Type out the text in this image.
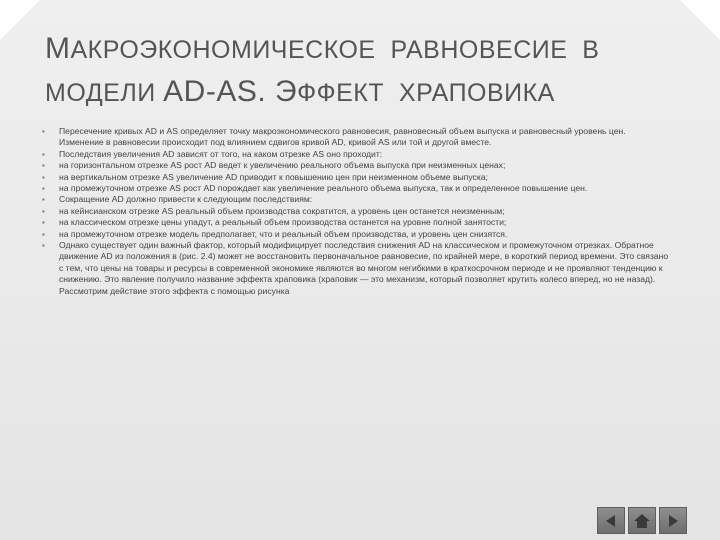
МАКРОЭКОНОМИЧЕСКОЕ  РАВНОВЕСИЕ  В
МОДЕЛИ AD-AS. ЭФФЕКТ  ХРАПОВИКА
▪ Пересечение кривых AD и AS определяет точку макроэкономического равновесия, равновесный объем выпуска и равновесный уровень цен. Изменение в равновесии происходит под влиянием сдвигов кривой AD, кривой AS или той и другой вместе.
▪ Последствия увеличения AD зависят от того, на каком отрезке AS оно проходит:
▪ на горизонтальном отрезке AS рост AD ведет к увеличению реального объема выпуска при неизменных ценах;
▪ на вертикальном отрезке AS увеличение AD приводит к повышению цен при неизменном объеме выпуска;
▪ на промежуточном отрезке AS рост AD порождает как увеличение реального объема выпуска, так и определенное повышение цен.
▪ Сокращение AD должно привести к следующим последствиям:
▪ на кейнсианском отрезке AS реальный объем производства сократится, а уровень цен останется неизменным;
▪ на классическом отрезке цены упадут, а реальный объем производства останется на уровне полной занятости;
▪ на промежуточном отрезке модель предполагает, что и реальный объем производства, и уровень цен снизятся.
▪ Однако существует один важный фактор, который модифицирует последствия снижения AD на классическом и промежуточном отрезках. Обратное движение AD из положения в (рис. 2.4) может не восстановить первоначальное равновесие, по крайней мере, в короткий период времени. Это связано с тем, что цены на товары и ресурсы в современной экономике являются во многом негибкими в краткосрочном периоде и не проявляют тенденцию к снижению. Это явление получило название эффекта храповика (храповик — это механизм, который позволяет крутить колесо вперед, но не назад). Рассмотрим действие этого эффекта с помощью рисунка
